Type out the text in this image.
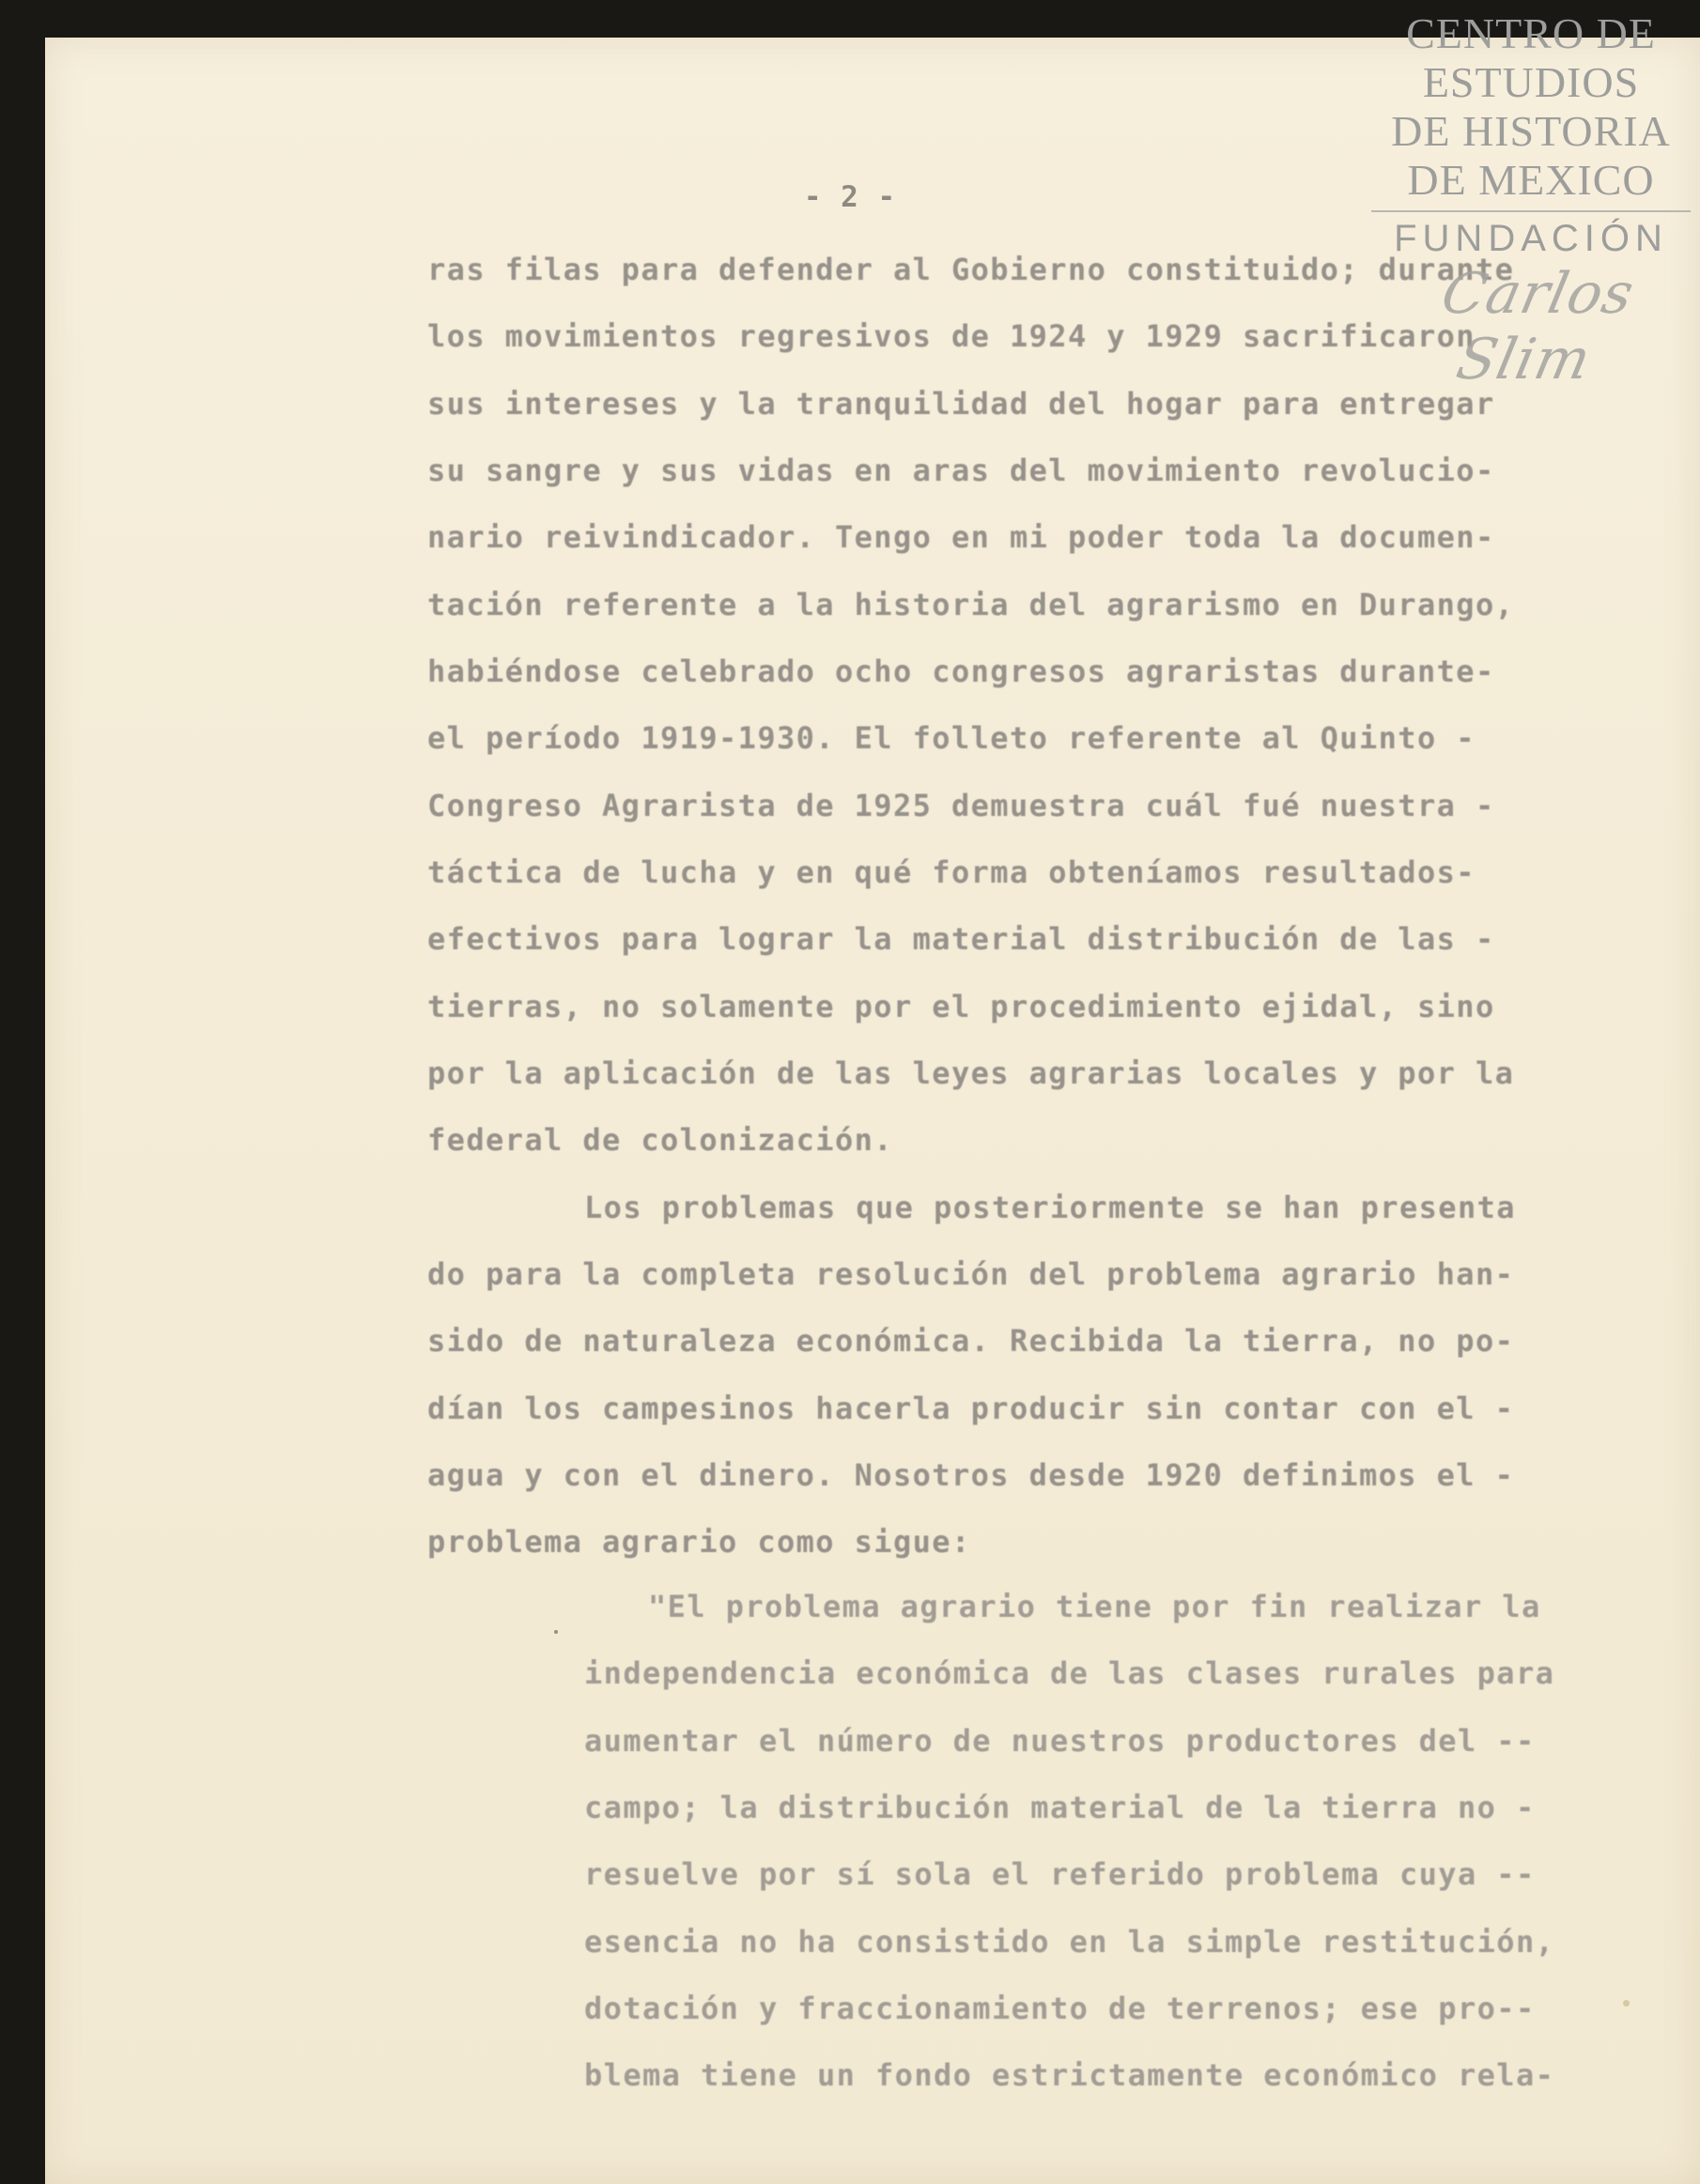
- 2 -
ras filas para defender al Gobierno constituido; durante
los movimientos regresivos de 1924 y 1929 sacrificaron
sus intereses y la tranquilidad del hogar para entregar
su sangre y sus vidas en aras del movimiento revolucio-
nario reivindicador. Tengo en mi poder toda la documen-
tación referente a la historia del agrarismo en Durango,
habiéndose celebrado ocho congresos agraristas durante-
el período 1919-1930. El folleto referente al Quinto -
Congreso Agrarista de 1925 demuestra cuál fué nuestra -
táctica de lucha y en qué forma obteníamos resultados-
efectivos para lograr la material distribución de las -
tierras, no solamente por el procedimiento ejidal, sino
por la aplicación de las leyes agrarias locales y por la
federal de colonización.
Los problemas que posteriormente se han presenta
do para la completa resolución del problema agrario han-
sido de naturaleza económica. Recibida la tierra, no po-
dían los campesinos hacerla producir sin contar con el -
agua y con el dinero. Nosotros desde 1920 definimos el -
problema agrario como sigue:
"El problema agrario tiene por fin realizar la
independencia económica de las clases rurales para
aumentar el número de nuestros productores del --
campo; la distribución material de la tierra no -
resuelve por sí sola el referido problema cuya --
esencia no ha consistido en la simple restitución,
dotación y fraccionamiento de terrenos; ese pro--
blema tiene un fondo estrictamente económico rela-
CENTRO DE
ESTUDIOS
DE HISTORIA
DE MEXICO
FUNDACIÓN
Carlos Slim
